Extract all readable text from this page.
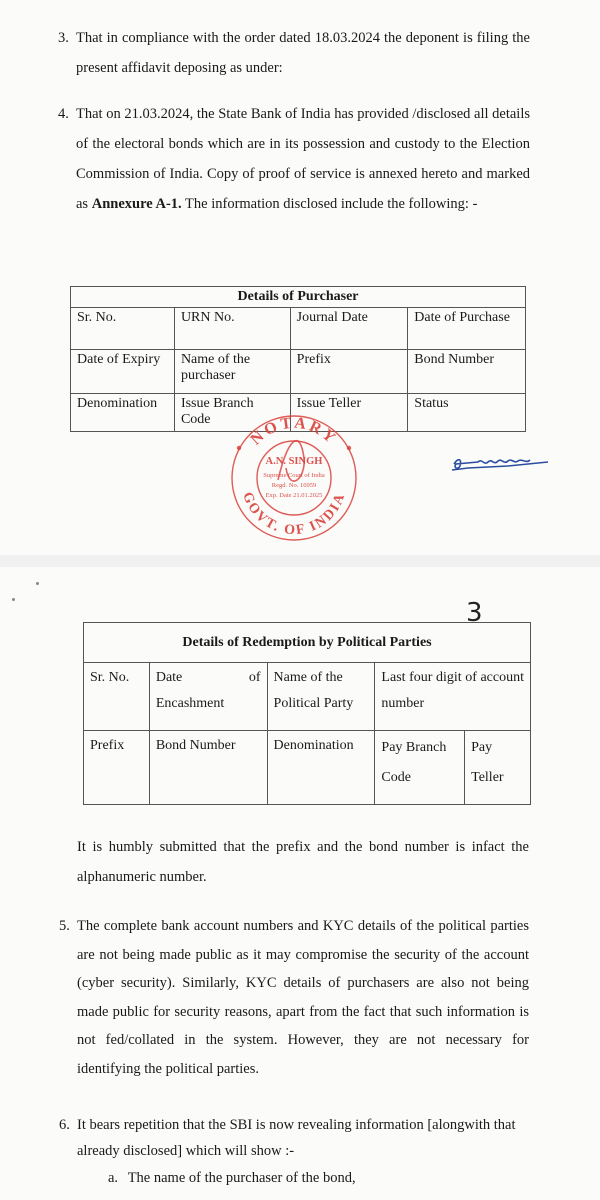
3. That in compliance with the order dated 18.03.2024 the deponent is filing the present affidavit deposing as under:
4. That on 21.03.2024, the State Bank of India has provided /disclosed all details of the electoral bonds which are in its possession and custody to the Election Commission of India. Copy of proof of service is annexed hereto and marked as Annexure A-1. The information disclosed include the following: -
Details of Purchaser			
Sr. No.	URN No.	Journal Date	Date of Purchase
Date of Expiry	Name of the purchaser	Prefix	Bond Number
Denomination	Issue Branch Code	Issue Teller	Status
NOTARY
GOVT. OF INDIA
A.N. SINGH
Supreme Court of India
Regd. No. 16959
Exp. Date 21.01.2025
3
Details of Redemption by Political Parties				
Sr. No.	Date of Encashment	Name of the Political Party	Last four digit of account number	
Prefix	Bond Number	Denomination	Pay Branch Code	Pay Teller
It is humbly submitted that the prefix and the bond number is infact the alphanumeric number.
5. The complete bank account numbers and KYC details of the political parties are not being made public as it may compromise the security of the account (cyber security). Similarly, KYC details of purchasers are also not being made public for security reasons, apart from the fact that such information is not fed/collated in the system. However, they are not necessary for identifying the political parties.
6. It bears repetition that the SBI is now revealing information [alongwith that already disclosed] which will show :-
a. The name of the purchaser of the bond,
